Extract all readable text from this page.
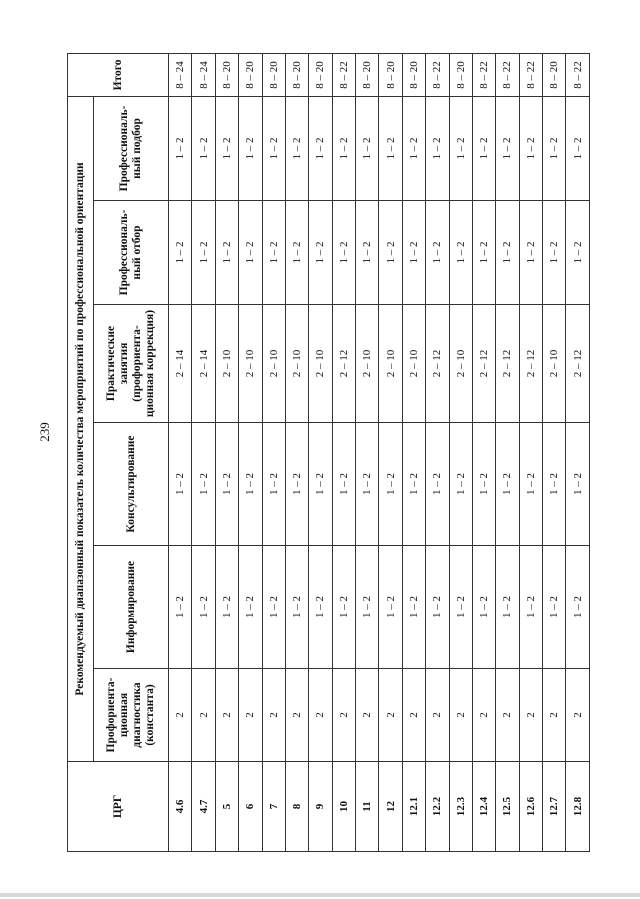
239
ЦРГ	Рекомендуемый диапазонный показатель количества мероприятий по профессиональной ориентации						Итого
	Профориента-ционная диагностика (константа)	Информирование	Консультирование	Практические занятия (профориента-ционная коррекция)	Профессиональ-ный отбор	Профессиональ-ный подбор	
4.6	2	1 – 2	1 – 2	2 – 14	1 – 2	1 – 2	8 – 24
4.7	2	1 – 2	1 – 2	2 – 14	1 – 2	1 – 2	8 – 24
5	2	1 – 2	1 – 2	2 – 10	1 – 2	1 – 2	8 – 20
6	2	1 – 2	1 – 2	2 – 10	1 – 2	1 – 2	8 – 20
7	2	1 – 2	1 – 2	2 – 10	1 – 2	1 – 2	8 – 20
8	2	1 – 2	1 – 2	2 – 10	1 – 2	1 – 2	8 – 20
9	2	1 – 2	1 – 2	2 – 10	1 – 2	1 – 2	8 – 20
10	2	1 – 2	1 – 2	2 – 12	1 – 2	1 – 2	8 – 22
11	2	1 – 2	1 – 2	2 – 10	1 – 2	1 – 2	8 – 20
12	2	1 – 2	1 – 2	2 – 10	1 – 2	1 – 2	8 – 20
12.1	2	1 – 2	1 – 2	2 – 10	1 – 2	1 – 2	8 – 20
12.2	2	1 – 2	1 – 2	2 – 12	1 – 2	1 – 2	8 – 22
12.3	2	1 – 2	1 – 2	2 – 10	1 – 2	1 – 2	8 – 20
12.4	2	1 – 2	1 – 2	2 – 12	1 – 2	1 – 2	8 – 22
12.5	2	1 – 2	1 – 2	2 – 12	1 – 2	1 – 2	8 – 22
12.6	2	1 – 2	1 – 2	2 – 12	1 – 2	1 – 2	8 – 22
12.7	2	1 – 2	1 – 2	2 – 10	1 – 2	1 – 2	8 – 20
12.8	2	1 – 2	1 – 2	2 – 12	1 – 2	1 – 2	8 – 22
